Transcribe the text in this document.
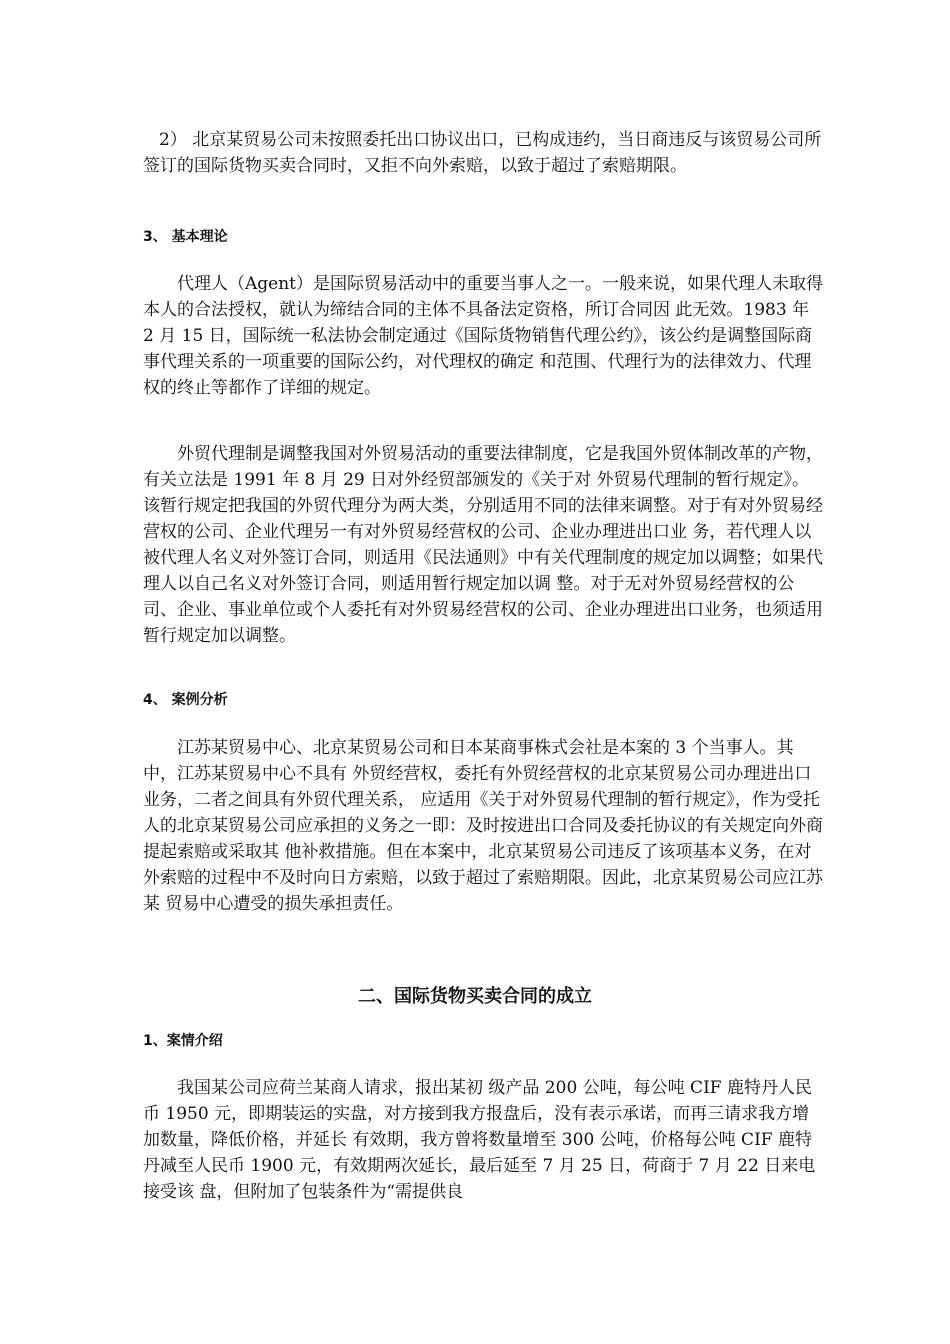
2） 北京某贸易公司未按照委托出口协议出口，已构成违约，当日商违反与该贸易公司所签订的国际货物买卖合同时，又拒不向外索赔，以致于超过了索赔期限。

3、 基本理论

代理人（Agent）是国际贸易活动中的重要当事人之一。一般来说，如果代理人未取得本人的合法授权，就认为缔结合同的主体不具备法定资格，所订合同因 此无效。1983 年 2 月 15 日，国际统一私法协会制定通过《国际货物销售代理公约》，该公约是调整国际商事代理关系的一项重要的国际公约，对代理权的确定 和范围、代理行为的法律效力、代理权的终止等都作了详细的规定。

外贸代理制是调整我国对外贸易活动的重要法律制度，它是我国外贸体制改革的产物，有关立法是 1991 年 8 月 29 日对外经贸部颁发的《关于对 外贸易代理制的暂行规定》。 该暂行规定把我国的外贸代理分为两大类，分别适用不同的法律来调整。对于有对外贸易经营权的公司、企业代理另一有对外贸易经营权的公司、企业办理进出口业 务，若代理人以被代理人名义对外签订合同，则适用《民法通则》中有关代理制度的规定加以调整；如果代理人以自己名义对外签订合同，则适用暂行规定加以调 整。对于无对外贸易经营权的公司、企业、事业单位或个人委托有对外贸易经营权的公司、企业办理进出口业务，也须适用暂行规定加以调整。

4、 案例分析

江苏某贸易中心、北京某贸易公司和日本某商事株式会社是本案的 3 个当事人。其中，江苏某贸易中心不具有 外贸经营权，委托有外贸经营权的北京某贸易公司办理进出口业务，二者之间具有外贸代理关系， 应适用《关于对外贸易代理制的暂行规定》，作为受托人的北京某贸易公司应承担的义务之一即：及时按进出口合同及委托协议的有关规定向外商提起索赔或采取其 他补救措施。但在本案中，北京某贸易公司违反了该项基本义务，在对外索赔的过程中不及时向日方索赔，以致于超过了索赔期限。因此，北京某贸易公司应江苏某 贸易中心遭受的损失承担责任。

二、国际货物买卖合同的成立
1、案情介绍

我国某公司应荷兰某商人请求，报出某初 级产品 200 公吨，每公吨 CIF 鹿特丹人民币 1950 元，即期装运的实盘，对方接到我方报盘后，没有表示承诺，而再三请求我方增加数量，降低价格，并延长 有效期，我方曾将数量增至 300 公吨，价格每公吨 CIF 鹿特丹减至人民币 1900 元，有效期两次延长，最后延至 7 月 25 日，荷商于 7 月 22 日来电接受该 盘，但附加了包装条件为“需提供良
